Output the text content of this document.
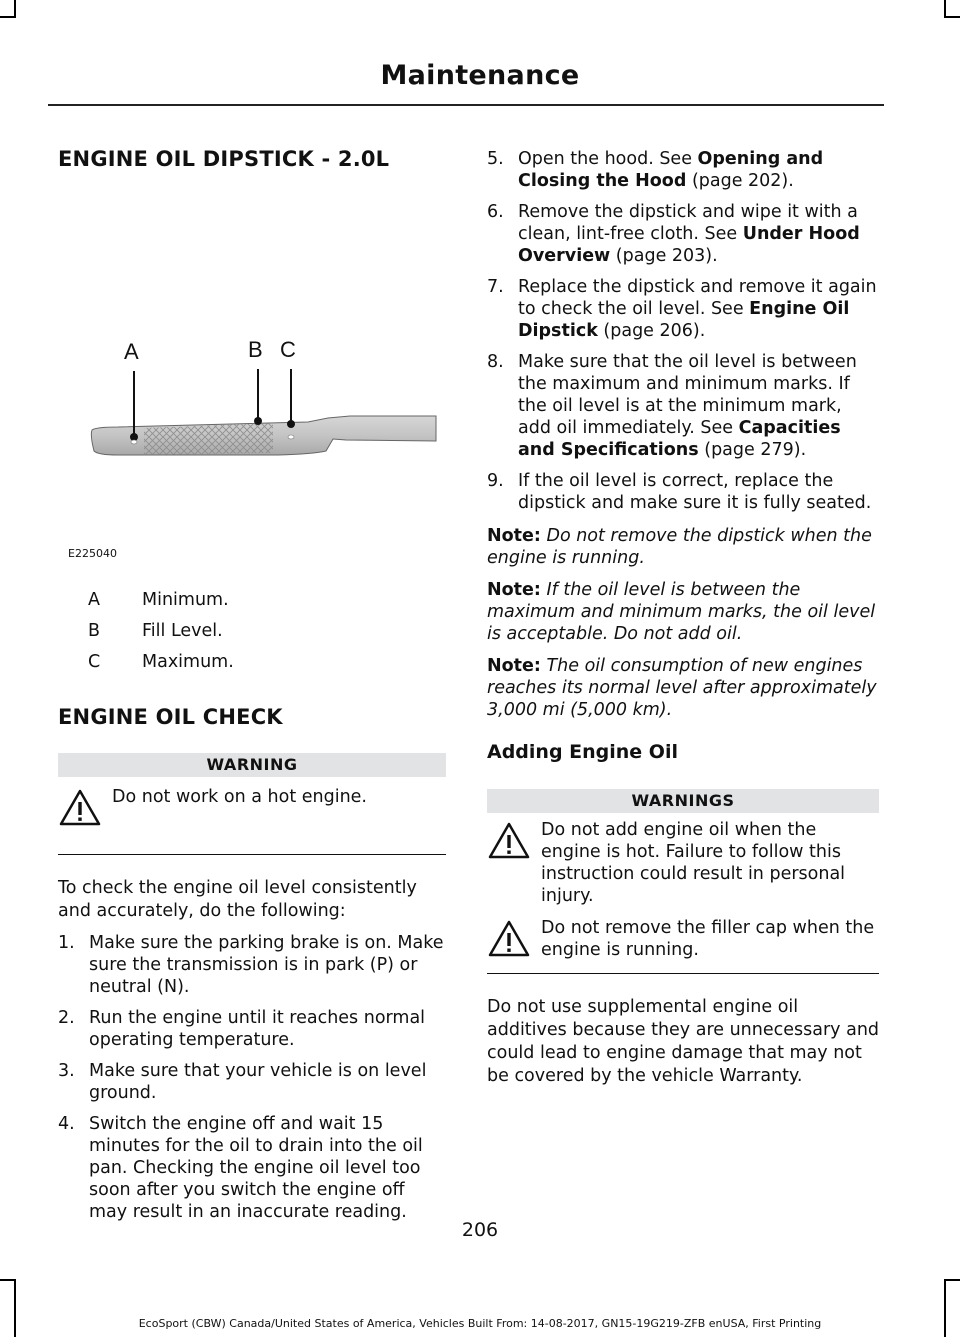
Maintenance
ENGINE OIL DIPSTICK - 2.0L
A	B C
E225040
A	Minimum.
B	Fill Level.
C	Maximum.
ENGINE OIL CHECK
WARNING
Do not work on a hot engine.

To check the engine oil level consistently and accurately, do the following:

1. Make sure the parking brake is on. Make sure the transmission is in park (P) or neutral (N).
2. Run the engine until it reaches normal operating temperature.
3. Make sure that your vehicle is on level ground.
4. Switch the engine off and wait 15 minutes for the oil to drain into the oil pan. Checking the engine oil level too soon after you switch the engine off may result in an inaccurate reading.
5. Open the hood. See Opening and Closing the Hood (page 202).
6. Remove the dipstick and wipe it with a clean, lint-free cloth. See Under Hood Overview (page 203).
7. Replace the dipstick and remove it again to check the oil level. See Engine Oil Dipstick (page 206).
8. Make sure that the oil level is between the maximum and minimum marks. If the oil level is at the minimum mark, add oil immediately. See Capacities and Specifications (page 279).
9. If the oil level is correct, replace the dipstick and make sure it is fully seated.
Note: Do not remove the dipstick when the engine is running.
Note: If the oil level is between the maximum and minimum marks, the oil level is acceptable. Do not add oil.
Note: The oil consumption of new engines reaches its normal level after approximately 3,000 mi (5,000 km).
Adding Engine Oil
WARNINGS
Do not add engine oil when the engine is hot. Failure to follow this instruction could result in personal injury.
Do not remove the filler cap when the engine is running.

Do not use supplemental engine oil additives because they are unnecessary and could lead to engine damage that may not be covered by the vehicle Warranty.

206
EcoSport (CBW) Canada/United States of America, Vehicles Built From: 14-08-2017, GN15-19G219-ZFB enUSA, First Printing
